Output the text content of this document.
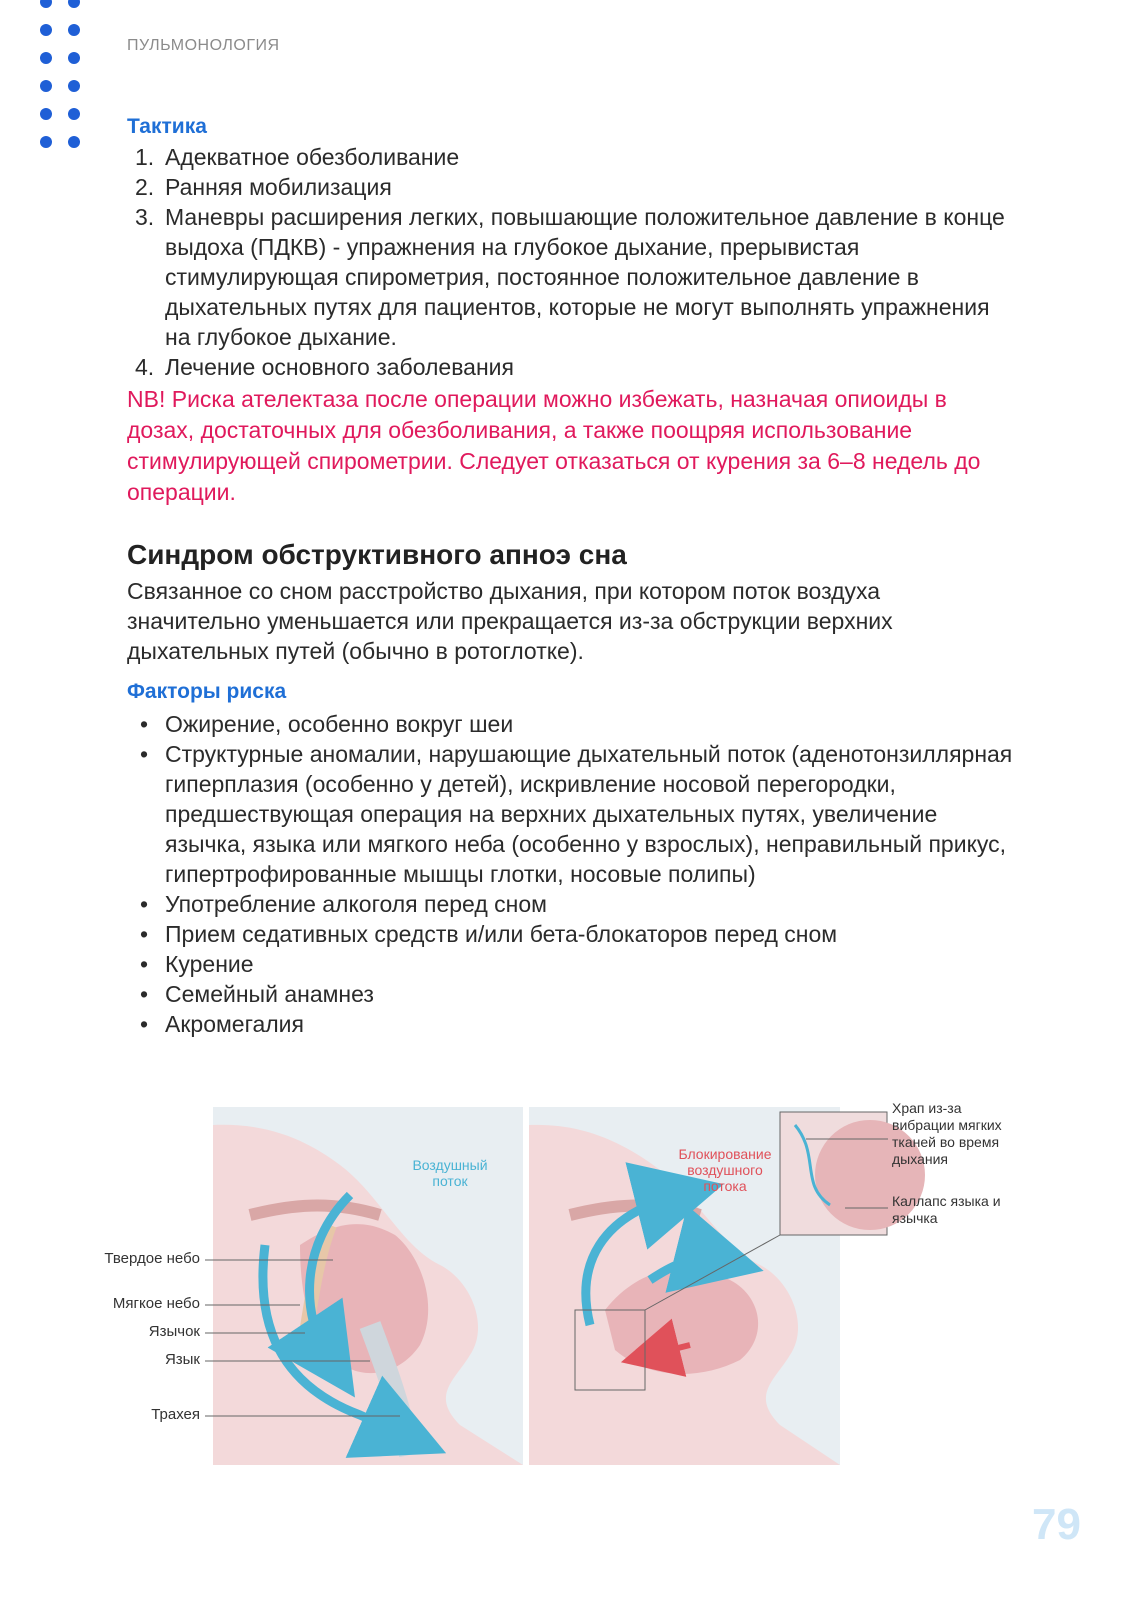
ПУЛЬМОНОЛОГИЯ
Тактика
1. Адекватное обезболивание
2. Ранняя мобилизация
3. Маневры расширения легких, повышающие положительное давление в конце выдоха (ПДКВ) - упражнения на глубокое дыхание, прерывистая стимулирующая спирометрия, постоянное положительное давление в дыхательных путях для пациентов, которые не могут выполнять упражнения на глубокое дыхание.
4. Лечение основного заболевания
NB! Риска ателектаза после операции можно избежать, назначая опиоиды в дозах, достаточных для обезболивания, а также поощряя использование стимулирующей спирометрии. Следует отказаться от курения за 6–8 недель до операции.
Синдром обструктивного апноэ сна
Связанное со сном расстройство дыхания, при котором поток воздуха значительно уменьшается или прекращается из-за обструкции верхних дыхательных путей (обычно в ротоглотке).
Факторы риска
• Ожирение, особенно вокруг шеи
• Структурные аномалии, нарушающие дыхательный поток (аденотонзиллярная гиперплазия (особенно у детей), искривление носовой перегородки, предшествующая операция на верхних дыхательных путях, увеличение язычка, языка или мягкого неба (особенно у взрослых), неправильный прикус, гипертрофированные мышцы глотки, носовые полипы)
• Употребление алкоголя перед сном
• Прием седативных средств и/или бета-блокаторов перед сном
• Курение
• Семейный анамнез
• Акромегалия
Твердое небо
Мягкое небо
Язычок
Язык
Трахея
Воздушный
поток
Блокирование
воздушного
потока
Храп из-за вибрации мягких тканей во время дыхания
Каллапс языка и язычка
79
